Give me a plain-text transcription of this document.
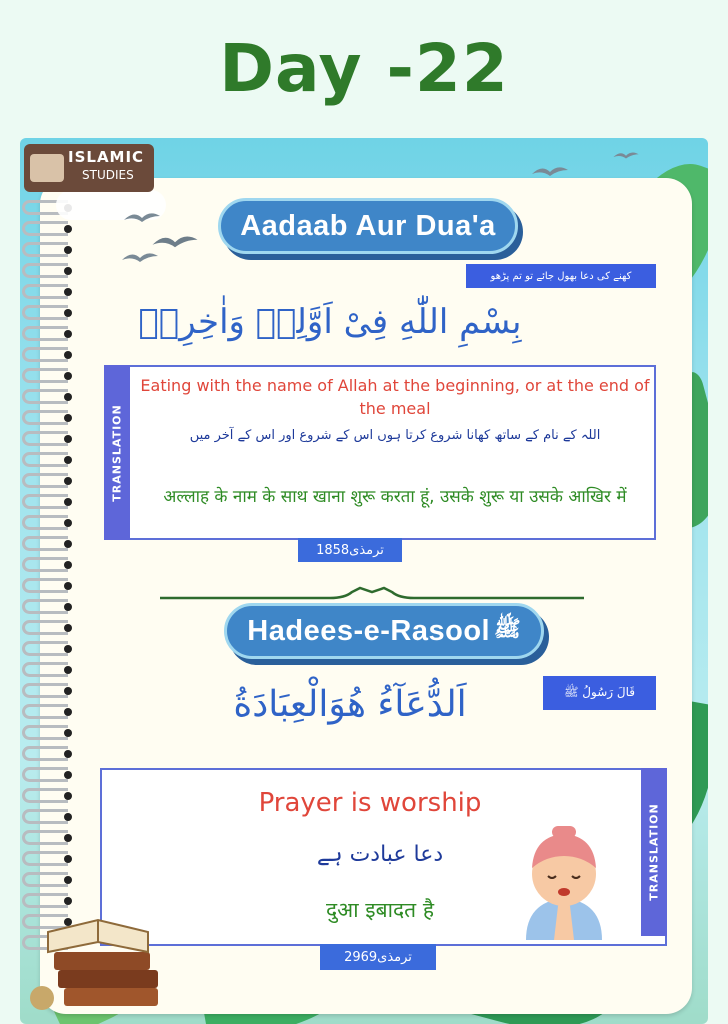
Day -22
ISLAMIC
STUDIES
Aadaab Aur Dua'a
کھنے کی دعا بھول جائے تو تم پڑھو
بِسْمِ اللّٰهِ فِىْ اَوَّلِهٖ وَاٰخِرِهٖ
TRANSLATION
Eating with the name of Allah at the beginning, or at the end of the meal
اللہ کے نام کے ساتھ کھانا شروع کرتا ہوں اس کے شروع اور اس کے آخر میں
अल्लाह के नाम के साथ खाना शुरू करता हूं, उसके शुरू या उसके आखिर में
ترمذی1858
Hadees-e-Rasool ﷺ
قَالَ رَسُولُ ﷺ
اَلدُّعَآءُ هُوَالْعِبَادَةُ
TRANSLATION
Prayer is worship
دعا عبادت ہے
दुआ इबादत है
ترمذی2969
